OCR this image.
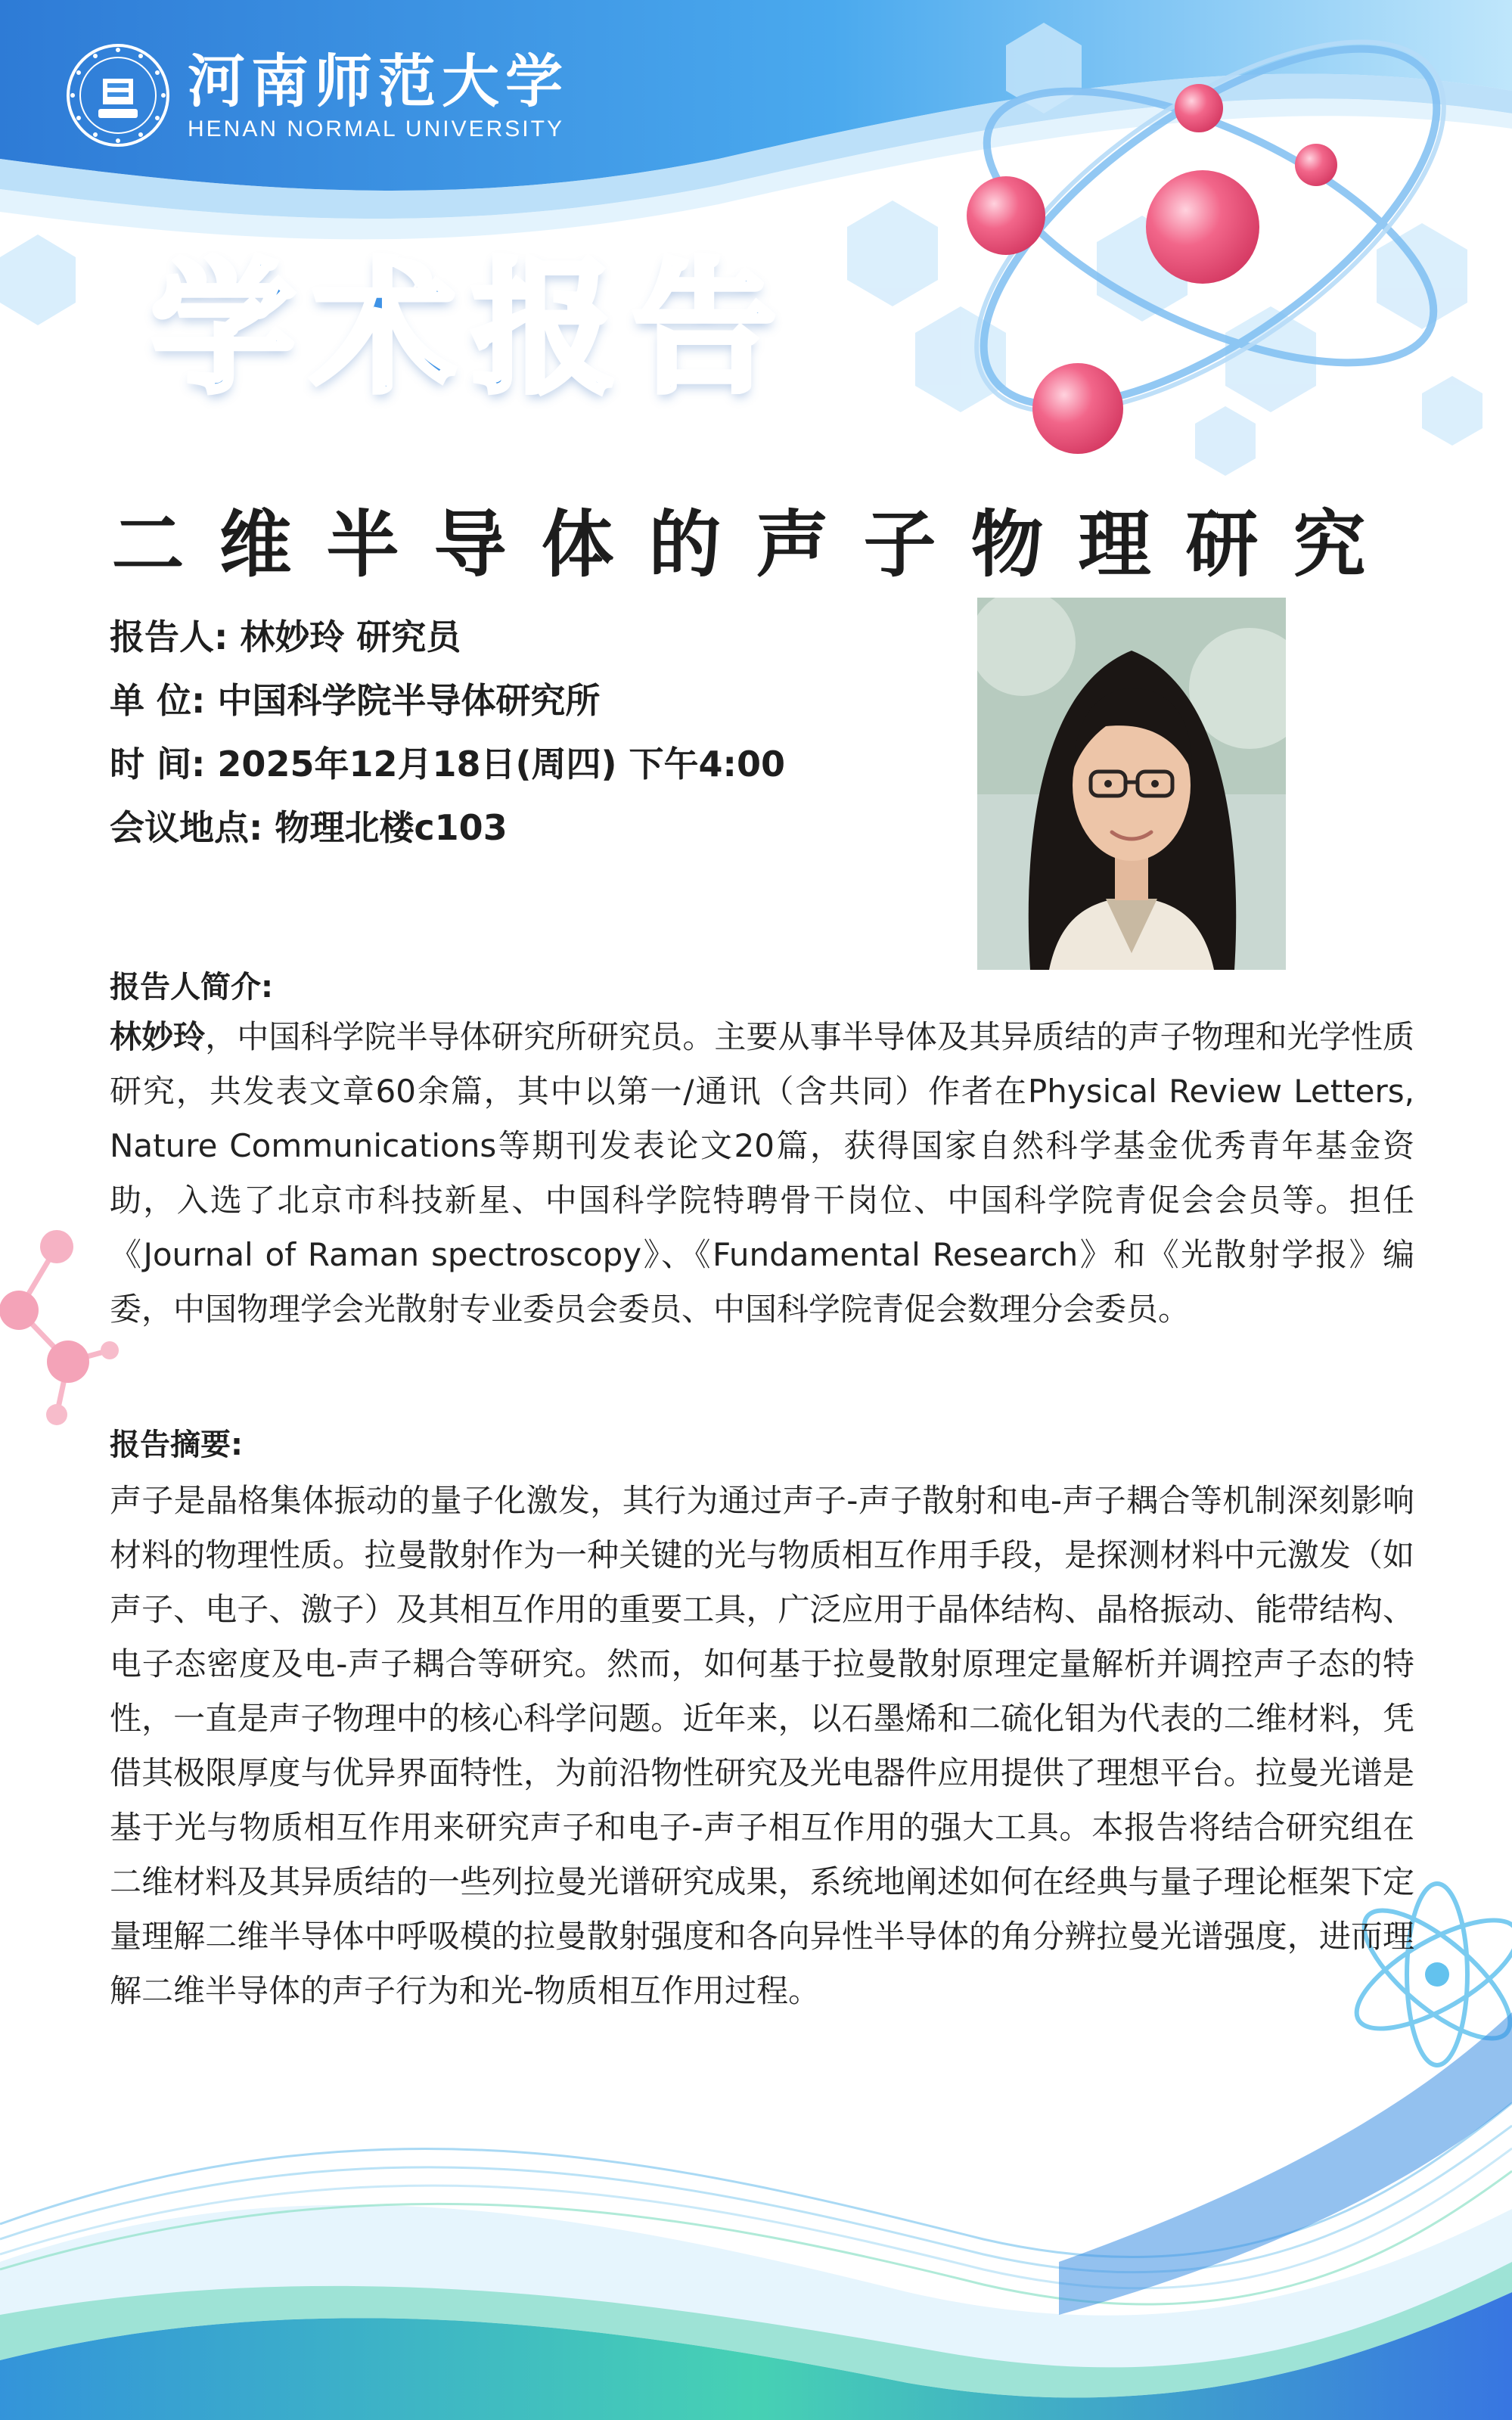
河南师范大学
HENAN NORMAL UNIVERSITY
学术报告
二维半导体的声子物理研究
报告人: 林妙玲 研究员
单 位: 中国科学院半导体研究所
时 间: 2025年12月18日(周四) 下午4:00
会议地点: 物理北楼c103
报告人简介:
林妙玲，中国科学院半导体研究所研究员。主要从事半导体及其异质结的声子物理和光学性质研究，共发表文章60余篇，其中以第一/通讯（含共同）作者在Physical Review Letters, Nature Communications等期刊发表论文20篇，获得国家自然科学基金优秀青年基金资助，入选了北京市科技新星、中国科学院特聘骨干岗位、中国科学院青促会会员等。担任《Journal of Raman spectroscopy》、《Fundamental Research》和《光散射学报》编委，中国物理学会光散射专业委员会委员、中国科学院青促会数理分会委员。
报告摘要:
声子是晶格集体振动的量子化激发，其行为通过声子-声子散射和电-声子耦合等机制深刻影响材料的物理性质。拉曼散射作为一种关键的光与物质相互作用手段，是探测材料中元激发（如声子、电子、激子）及其相互作用的重要工具，广泛应用于晶体结构、晶格振动、能带结构、电子态密度及电-声子耦合等研究。然而，如何基于拉曼散射原理定量解析并调控声子态的特性，一直是声子物理中的核心科学问题。近年来，以石墨烯和二硫化钼为代表的二维材料，凭借其极限厚度与优异界面特性，为前沿物性研究及光电器件应用提供了理想平台。拉曼光谱是基于光与物质相互作用来研究声子和电子-声子相互作用的强大工具。本报告将结合研究组在二维材料及其异质结的一些列拉曼光谱研究成果，系统地阐述如何在经典与量子理论框架下定量理解二维半导体中呼吸模的拉曼散射强度和各向异性半导体的角分辨拉曼光谱强度，进而理解二维半导体的声子行为和光-物质相互作用过程。
